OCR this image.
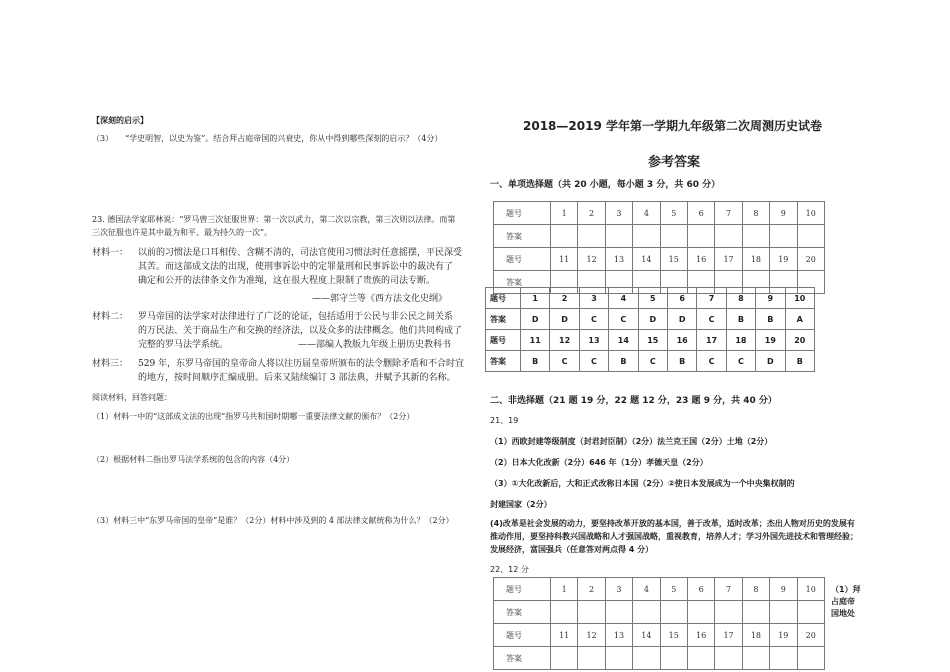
【深刻的启示】
（3）　　“学史明智，以史为鉴”。结合拜占庭帝国的兴衰史，你从中得到哪些深刻的启示？（4分）
23. 德国法学家耶林说：“罗马曾三次征服世界：第一次以武力，第二次以宗教，第三次则以法律。而第
三次征服也许是其中最为和平、最为持久的一次”。
材料一：	以前的习惯法是口耳相传、含糊不清的，司法官使用习惯法时任意摇摆，平民深受
其苦。而这部成文法的出现，使刑事诉讼中的定罪量刑和民事诉讼中的裁决有了
确定和公开的法律条文作为准绳，这在很大程度上限制了贵族的司法专断。
——郭守兰等《西方法文化史纲》
材料二：	罗马帝国的法学家对法律进行了广泛的论证，包括适用于公民与非公民之间关系
的万民法、关于商品生产和交换的经济法，以及众多的法律概念。他们共同构成了
完整的罗马法学系统。	——部编人教版九年级上册历史教科书
材料三：	529 年，东罗马帝国的皇帝命人将以往历届皇帝所颁布的法令删除矛盾和不合时宜
的地方，按时间顺序汇编成册。后来又陆续编订 3 部法典，并赋予其新的名称。
阅读材料，回答问题：
（1）材料一中的“这部成文法的出现”指罗马共和国时期哪一重要法律文献的颁布？（2分）
（2）根据材料二指出罗马法学系统的包含的内容（4分）
（3）材料三中“东罗马帝国的皇帝”是谁？（2分）材料中涉及到的 4 部法律文献统称为什么？（2分）
2018—2019 学年第一学期九年级第二次周测历史试卷
参考答案
一、单项选择题（共 20 小题，每小题 3 分，共 60 分）
题号	1	2	3	4	5	6	7	8	9	10
答案										
题号	11	12	13	14	15	16	17	18	19	20
答案										
题号	1	2	3	4	5	6	7	8	9	10
答案	D	D	C	C	D	D	C	B	B	A
题号	11	12	13	14	15	16	17	18	19	20
答案	B	C	C	B	C	B	C	C	D	B
二、非选择题（21 题 19 分，22 题 12 分，23 题 9 分，共 40 分）
21、19
（1）西欧封建等级制度（封君封臣制）（2分）法兰克王国（2分）土地（2分）
（2）日本大化改新（2分）646 年（1分）孝德天皇（2分）
（3）①大化改新后，大和正式改称日本国（2分）②使日本发展成为一个中央集权制的
封建国家（2分）
(4)改革是社会发展的动力，要坚持改革开放的基本国，善于改革，适时改革；杰出人物对历史的发展有
推动作用，要坚持科教兴国战略和人才强国战略，重视教育，培养人才；学习外国先进技术和管理经验；
发展经济，富国强兵（任意答对两点得 4 分）
22、12 分
题号	1	2	3	4	5	6	7	8	9	10
答案										
题号	11	12	13	14	15	16	17	18	19	20
答案										
（1）拜
占庭帝
国地处
